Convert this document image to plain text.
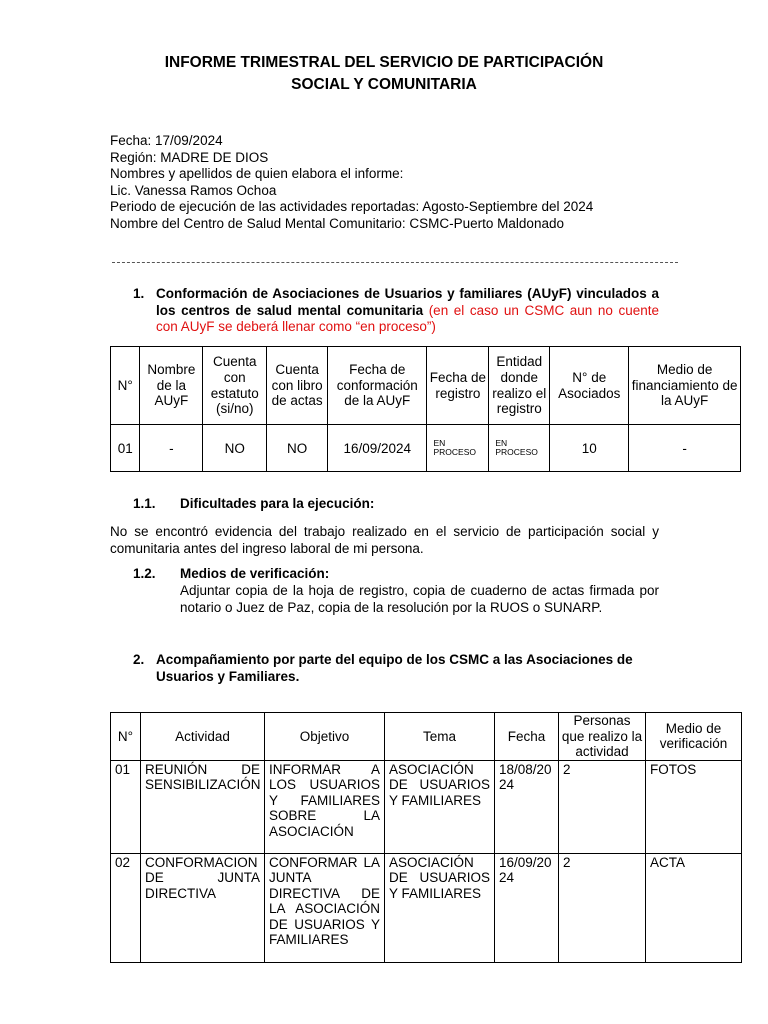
INFORME TRIMESTRAL DEL SERVICIO DE PARTICIPACIÓN
SOCIAL Y COMUNITARIA
Fecha: 17/09/2024
Región: MADRE DE DIOS
Nombres y apellidos de quien elabora el informe:
Lic. Vanessa Ramos Ochoa
Periodo de ejecución de las actividades reportadas: Agosto-Septiembre del 2024
Nombre del Centro de Salud Mental Comunitario: CSMC-Puerto Maldonado
1. Conformación de Asociaciones de Usuarios y familiares (AUyF) vinculados a los centros de salud mental comunitaria (en el caso un CSMC aun no cuente con AUyF se deberá llenar como “en proceso”)
N°	Nombre de la AUyF	Cuenta con estatuto (si/no)	Cuenta con libro de actas	Fecha de conformación de la AUyF	Fecha de registro	Entidad donde realizo el registro	N° de Asociados	Medio de financiamiento de la AUyF
01	-	NO	NO	16/09/2024	EN PROCESO	EN PROCESO	10	-
1.1. Dificultades para la ejecución:
No se encontró evidencia del trabajo realizado en el servicio de participación social y comunitaria antes del ingreso laboral de mi persona.
1.2. Medios de verificación:
Adjuntar copia de la hoja de registro, copia de cuaderno de actas firmada por notario o Juez de Paz, copia de la resolución por la RUOS o SUNARP.
2. Acompañamiento por parte del equipo de los CSMC a las Asociaciones de Usuarios y Familiares.
N°	Actividad	Objetivo	Tema	Fecha	Personas que realizo la actividad	Medio de verificación
01	REUNIÓN DE SENSIBILIZACIÓN	INFORMAR A LOS USUARIOS Y FAMILIARES SOBRE LA ASOCIACIÓN	ASOCIACIÓN DE USUARIOS Y FAMILIARES	18/08/2024	2	FOTOS
02	CONFORMACION DE JUNTA DIRECTIVA	CONFORMAR LA JUNTA DIRECTIVA DE LA ASOCIACIÓN DE USUARIOS Y FAMILIARES	ASOCIACIÓN DE USUARIOS Y FAMILIARES	16/09/2024	2	ACTA
